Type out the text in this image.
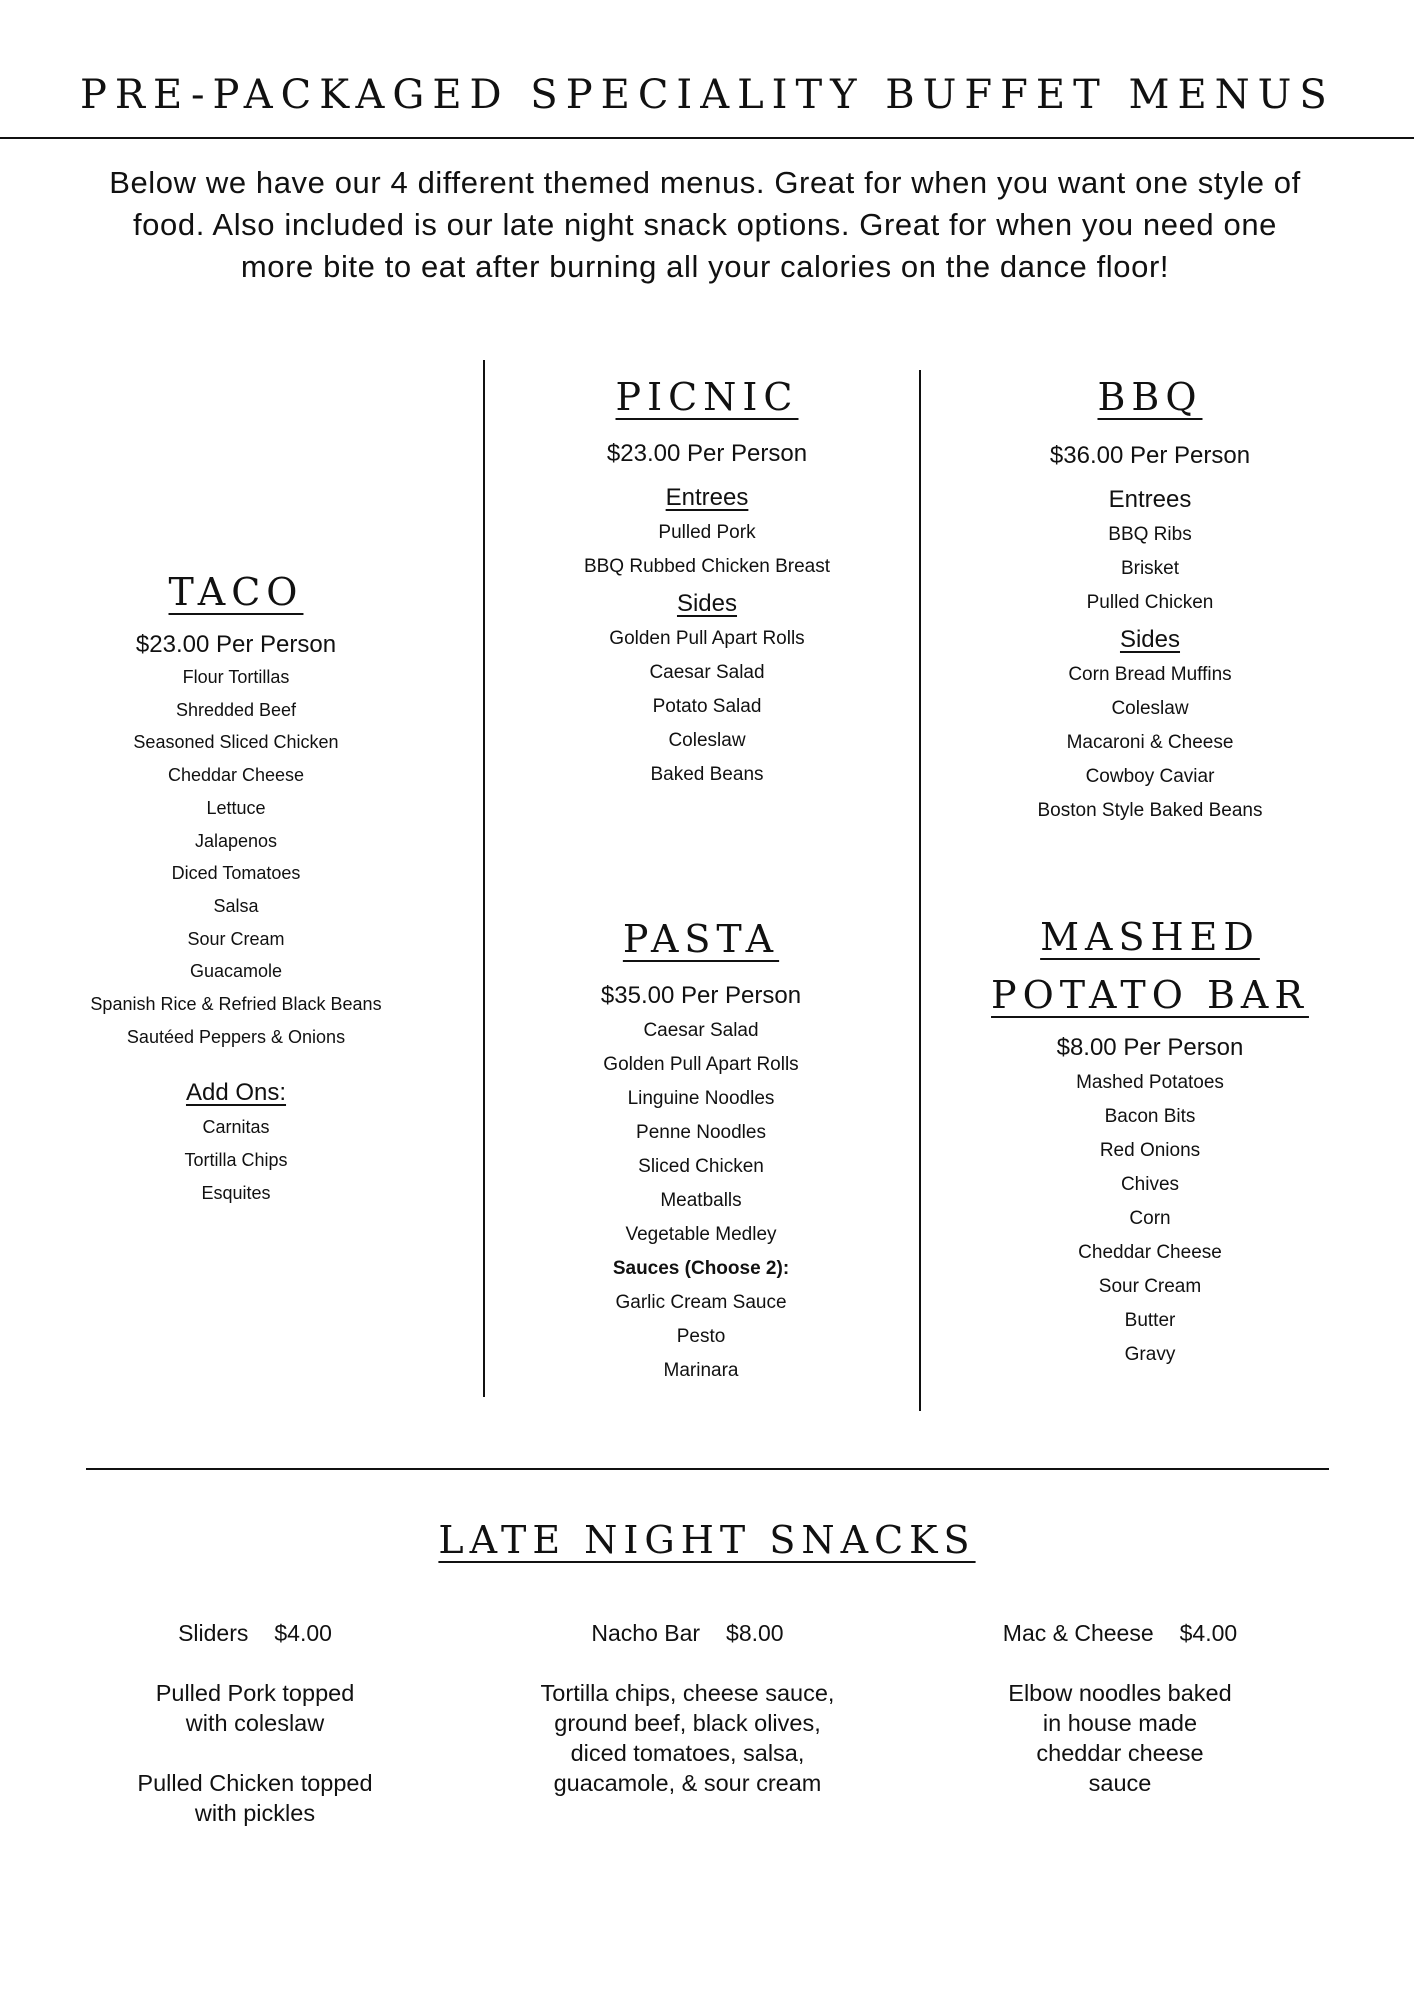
PRE-PACKAGED SPECIALITY BUFFET MENUS

Below we have our 4 different themed menus. Great for when you want one style of food. Also included is our late night snack options. Great for when you need one more bite to eat after burning all your calories on the dance floor!

TACO

$23.00 Per Person

Flour Tortillas

Shredded Beef

Seasoned Sliced Chicken

Cheddar Cheese

Lettuce

Jalapenos

Diced Tomatoes

Salsa

Sour Cream

Guacamole

Spanish Rice & Refried Black Beans

Sautéed Peppers & Onions

Add Ons:

Carnitas

Tortilla Chips

Esquites

PICNIC

$23.00 Per Person

Entrees

Pulled Pork

BBQ Rubbed Chicken Breast

Sides

Golden Pull Apart Rolls

Caesar Salad

Potato Salad

Coleslaw

Baked Beans

BBQ

$36.00 Per Person

Entrees

BBQ Ribs

Brisket

Pulled Chicken

Sides

Corn Bread Muffins

Coleslaw

Macaroni & Cheese

Cowboy Caviar

Boston Style Baked Beans

PASTA

$35.00 Per Person

Caesar Salad

Golden Pull Apart Rolls

Linguine Noodles

Penne Noodles

Sliced Chicken

Meatballs

Vegetable Medley

Sauces (Choose 2):

Garlic Cream Sauce

Pesto

Marinara

MASHED
POTATO BAR

$8.00 Per Person

Mashed Potatoes

Bacon Bits

Red Onions

Chives

Corn

Cheddar Cheese

Sour Cream

Butter

Gravy

LATE NIGHT SNACKS

Sliders $4.00

Pulled Pork topped with coleslaw

Pulled Chicken topped with pickles

Nacho Bar $8.00

Tortilla chips, cheese sauce, ground beef, black olives, diced tomatoes, salsa, guacamole, & sour cream

Mac & Cheese $4.00

Elbow noodles baked in house made cheddar cheese sauce
